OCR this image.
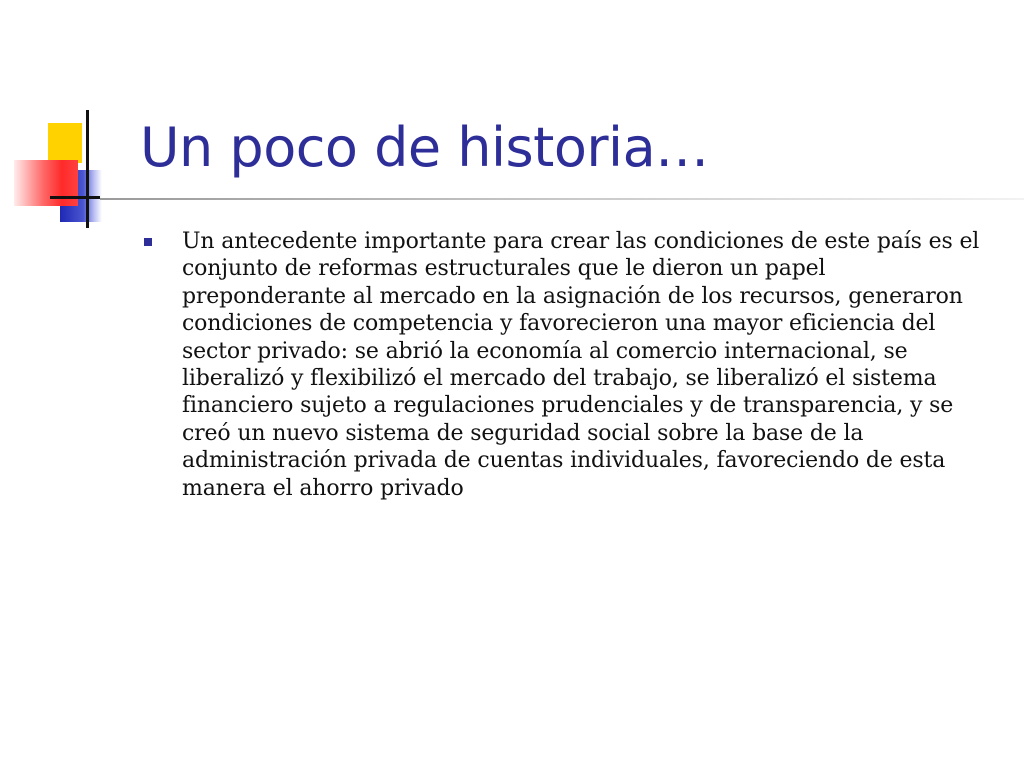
Un poco de historia…
Un antecedente importante para crear las condiciones de este país es el conjunto de reformas estructurales que le dieron un papel preponderante al mercado en la asignación de los recursos, generaron condiciones de competencia y favorecieron una mayor eficiencia del sector privado: se abrió la economía al comercio internacional, se liberalizó y flexibilizó el mercado del trabajo, se liberalizó el sistema financiero sujeto a regulaciones prudenciales y de transparencia, y se creó un nuevo sistema de seguridad social sobre la base de la administración privada de cuentas individuales, favoreciendo de esta manera el ahorro privado
